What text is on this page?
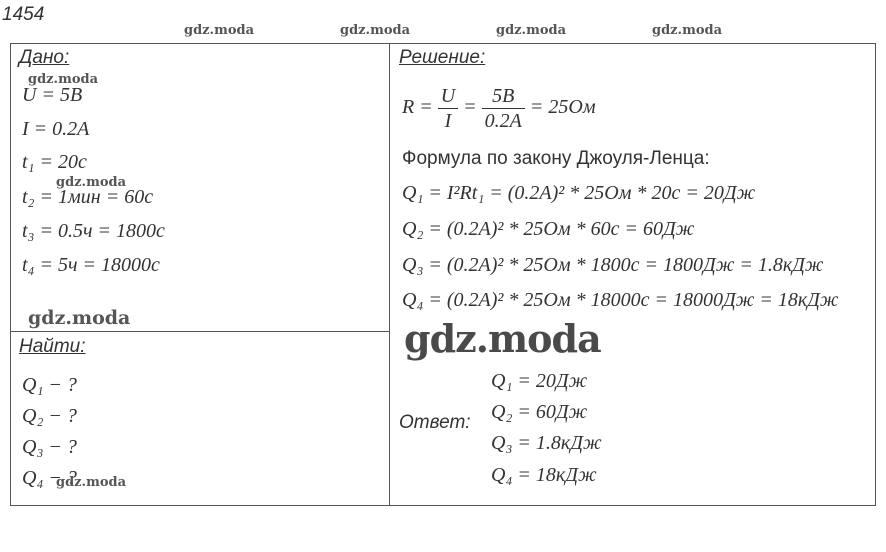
1454
gdz.moda	gdz.moda	gdz.moda	gdz.moda
Дано:
gdz.moda
U = 5B
I = 0.2A
t₁ = 20c
gdz.moda
t₂ = 1мин = 60c
t₃ = 0.5ч = 1800c
t₄ = 5ч = 18000c
gdz.moda
Найти:
Q₁ − ?
Q₂ − ?
Q₃ − ?
Q₄ − ?
gdz.moda
Решение:
$R = \frac{U}{I} = \frac{5B}{0.2A} = 25Ом$
Формула по закону Джоуля-Ленца:
Q₁ = I²Rt₁ = (0.2A)² * 25Ом * 20c = 20Дж
Q₂ = (0.2A)² * 25Ом * 60c = 60Дж
Q₃ = (0.2A)² * 25Ом * 1800c = 1800Дж = 1.8кДж
Q₄ = (0.2A)² * 25Ом * 18000c = 18000Дж = 18кДж
gdz.moda
Ответ:
Q₁ = 20Дж
Q₂ = 60Дж
Q₃ = 1.8кДж
Q₄ = 18кДж
